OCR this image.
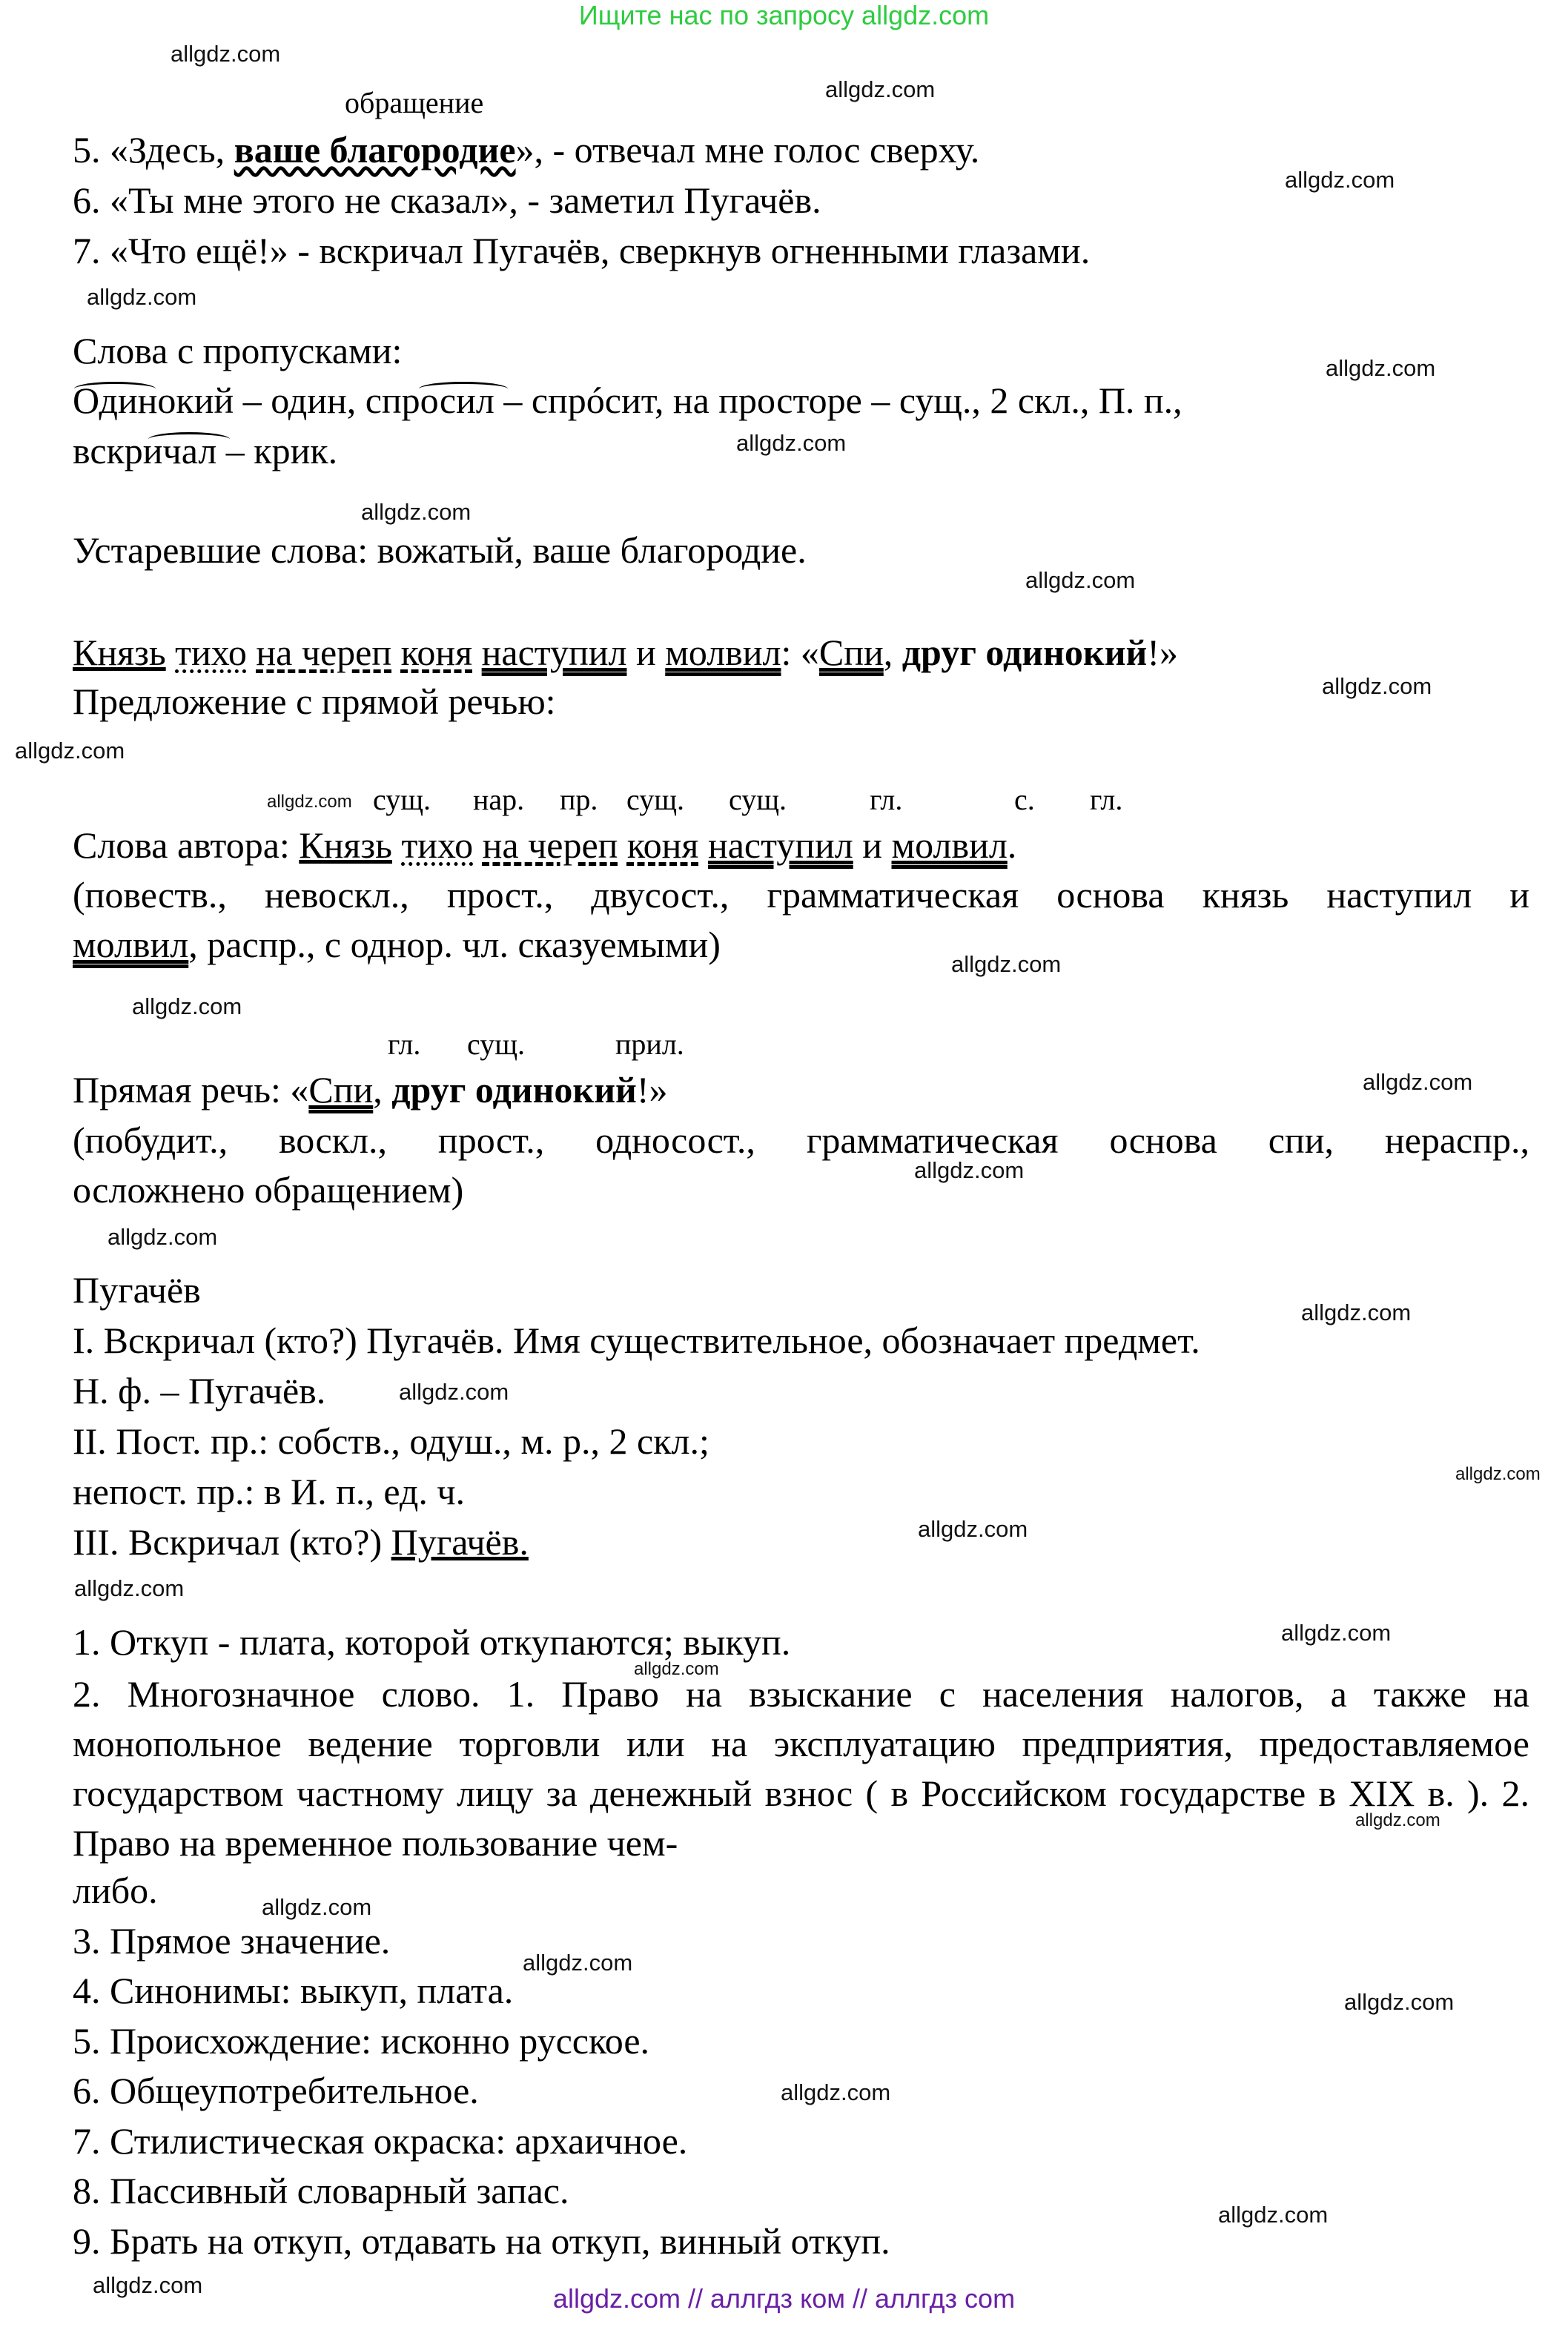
Ищите нас по запросу allgdz.com
allgdz.com // аллгдз ком // аллгдз com
allgdz.com
allgdz.com
allgdz.com
allgdz.com
allgdz.com
allgdz.com
allgdz.com
allgdz.com
allgdz.com
allgdz.com
allgdz.com
allgdz.com
allgdz.com
allgdz.com
allgdz.com
allgdz.com
allgdz.com
allgdz.com
allgdz.com
allgdz.com
allgdz.com
allgdz.com
allgdz.com
allgdz.com
allgdz.com
allgdz.com
allgdz.com
allgdz.com
allgdz.com
allgdz.com
обращение
5. «Здесь, ваше благородие», - отвечал мне голос сверху.
6. «Ты мне этого не сказал», - заметил Пугачёв.
7. «Что ещё!» - вскричал Пугачёв, сверкнув огненными глазами.
Слова с пропусками:
Одинокий – один, спросил – спрóсит, на просторе – сущ., 2 скл., П. п.,
вскричал – крик.
Устаревшие слова: вожатый, ваше благородие.
Князь тихо на череп коня наступил и молвил: «Спи, друг одинокий!»
Предложение с прямой речью:
сущ. нар. пр. сущ. сущ.	гл.	с. гл.
Слова автора: Князь тихо на череп коня наступил и молвил.
(повеств., невоскл., прост., двусост., грамматическая основа князь наступил и
молвил, распр., с однор. чл. сказуемыми)
гл. сущ.	прил.
Прямая речь: «Спи, друг одинокий!»
(побудит., воскл., прост., односост., грамматическая основа спи, нераспр.,
осложнено обращением)
Пугачёв
I. Вскричал (кто?) Пугачёв. Имя существительное, обозначает предмет.
Н. ф. – Пугачёв.
II. Пост. пр.: собств., одуш., м. р., 2 скл.;
непост. пр.: в И. п., ед. ч.
III. Вскричал (кто?) Пугачёв.
1. Откуп - плата, которой откупаются; выкуп.
2. Многозначное слово. 1. Право на взыскание с населения налогов, а также на монопольное ведение торговли или на эксплуатацию предприятия, предоставляемое государством частному лицу за денежный взнос ( в Российском государстве в XIX в. ). 2. Право на временное пользование чем-
либо.
3. Прямое значение.
4. Синонимы: выкуп, плата.
5. Происхождение: исконно русское.
6. Общеупотребительное.
7. Стилистическая окраска: архаичное.
8. Пассивный словарный запас.
9. Брать на откуп, отдавать на откуп, винный откуп.
